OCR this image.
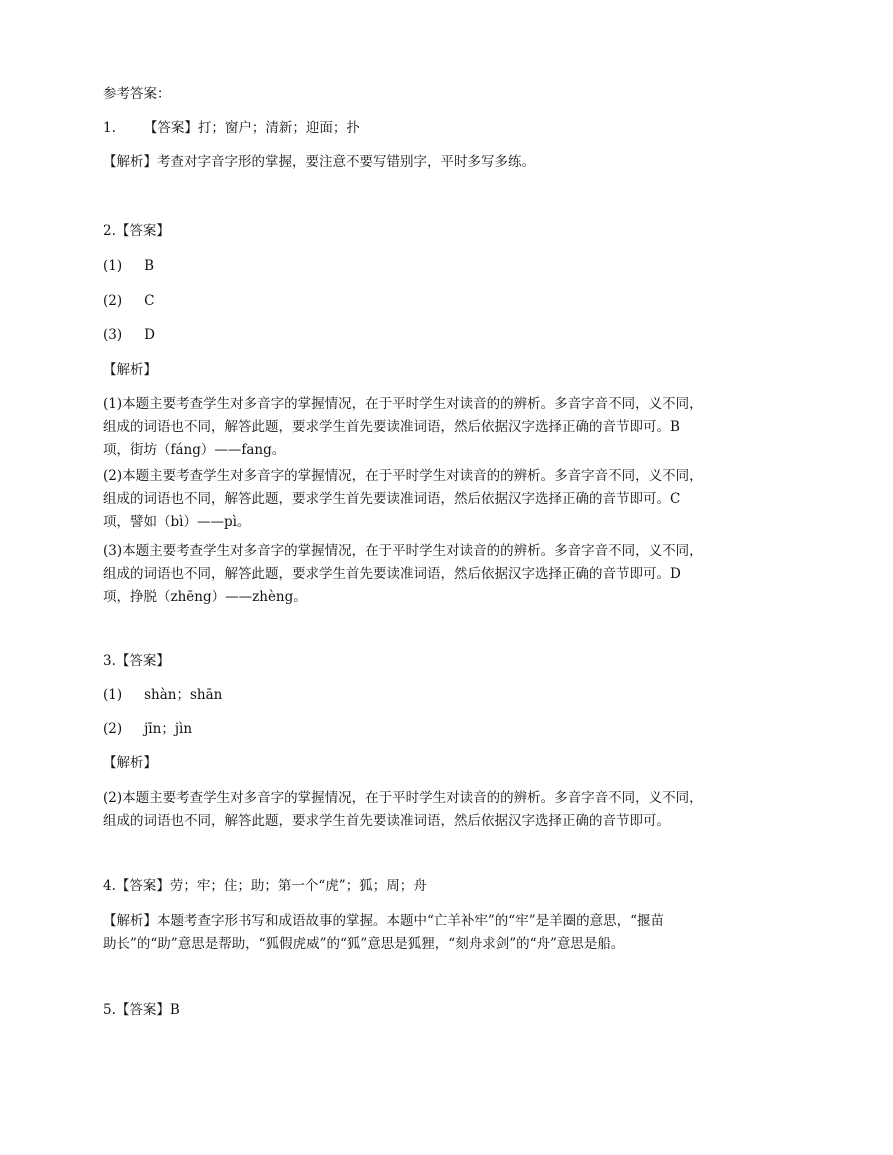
参考答案：
1. 【答案】打；窗户；清新；迎面；扑
【解析】考查对字音字形的掌握，要注意不要写错别字，平时多写多练。
2.【答案】
(1) B
(2) C
(3) D
【解析】
(1)本题主要考查学生对多音字的掌握情况，在于平时学生对读音的的辨析。多音字音不同，义不同，
组成的词语也不同，解答此题，要求学生首先要读准词语，然后依据汉字选择正确的音节即可。B
项，街坊（fáng）——fang。
(2)本题主要考查学生对多音字的掌握情况，在于平时学生对读音的的辨析。多音字音不同，义不同，
组成的词语也不同，解答此题，要求学生首先要读准词语，然后依据汉字选择正确的音节即可。C
项，譬如（bì）——pì。
(3)本题主要考查学生对多音字的掌握情况，在于平时学生对读音的的辨析。多音字音不同，义不同，
组成的词语也不同，解答此题，要求学生首先要读准词语，然后依据汉字选择正确的音节即可。D
项，挣脱（zhēng）——zhèng。
3.【答案】
(1) shàn；shān
(2) jīn；jìn
【解析】
(2)本题主要考查学生对多音字的掌握情况，在于平时学生对读音的的辨析。多音字音不同，义不同，
组成的词语也不同，解答此题，要求学生首先要读准词语，然后依据汉字选择正确的音节即可。
4.【答案】劳；牢；住；助；第一个“虎”；狐；周；舟
【解析】本题考查字形书写和成语故事的掌握。本题中“亡羊补牢”的“牢”是羊圈的意思，“揠苗
助长”的“助”意思是帮助，“狐假虎威”的“狐”意思是狐狸，“刻舟求剑”的“舟”意思是船。
5.【答案】B
